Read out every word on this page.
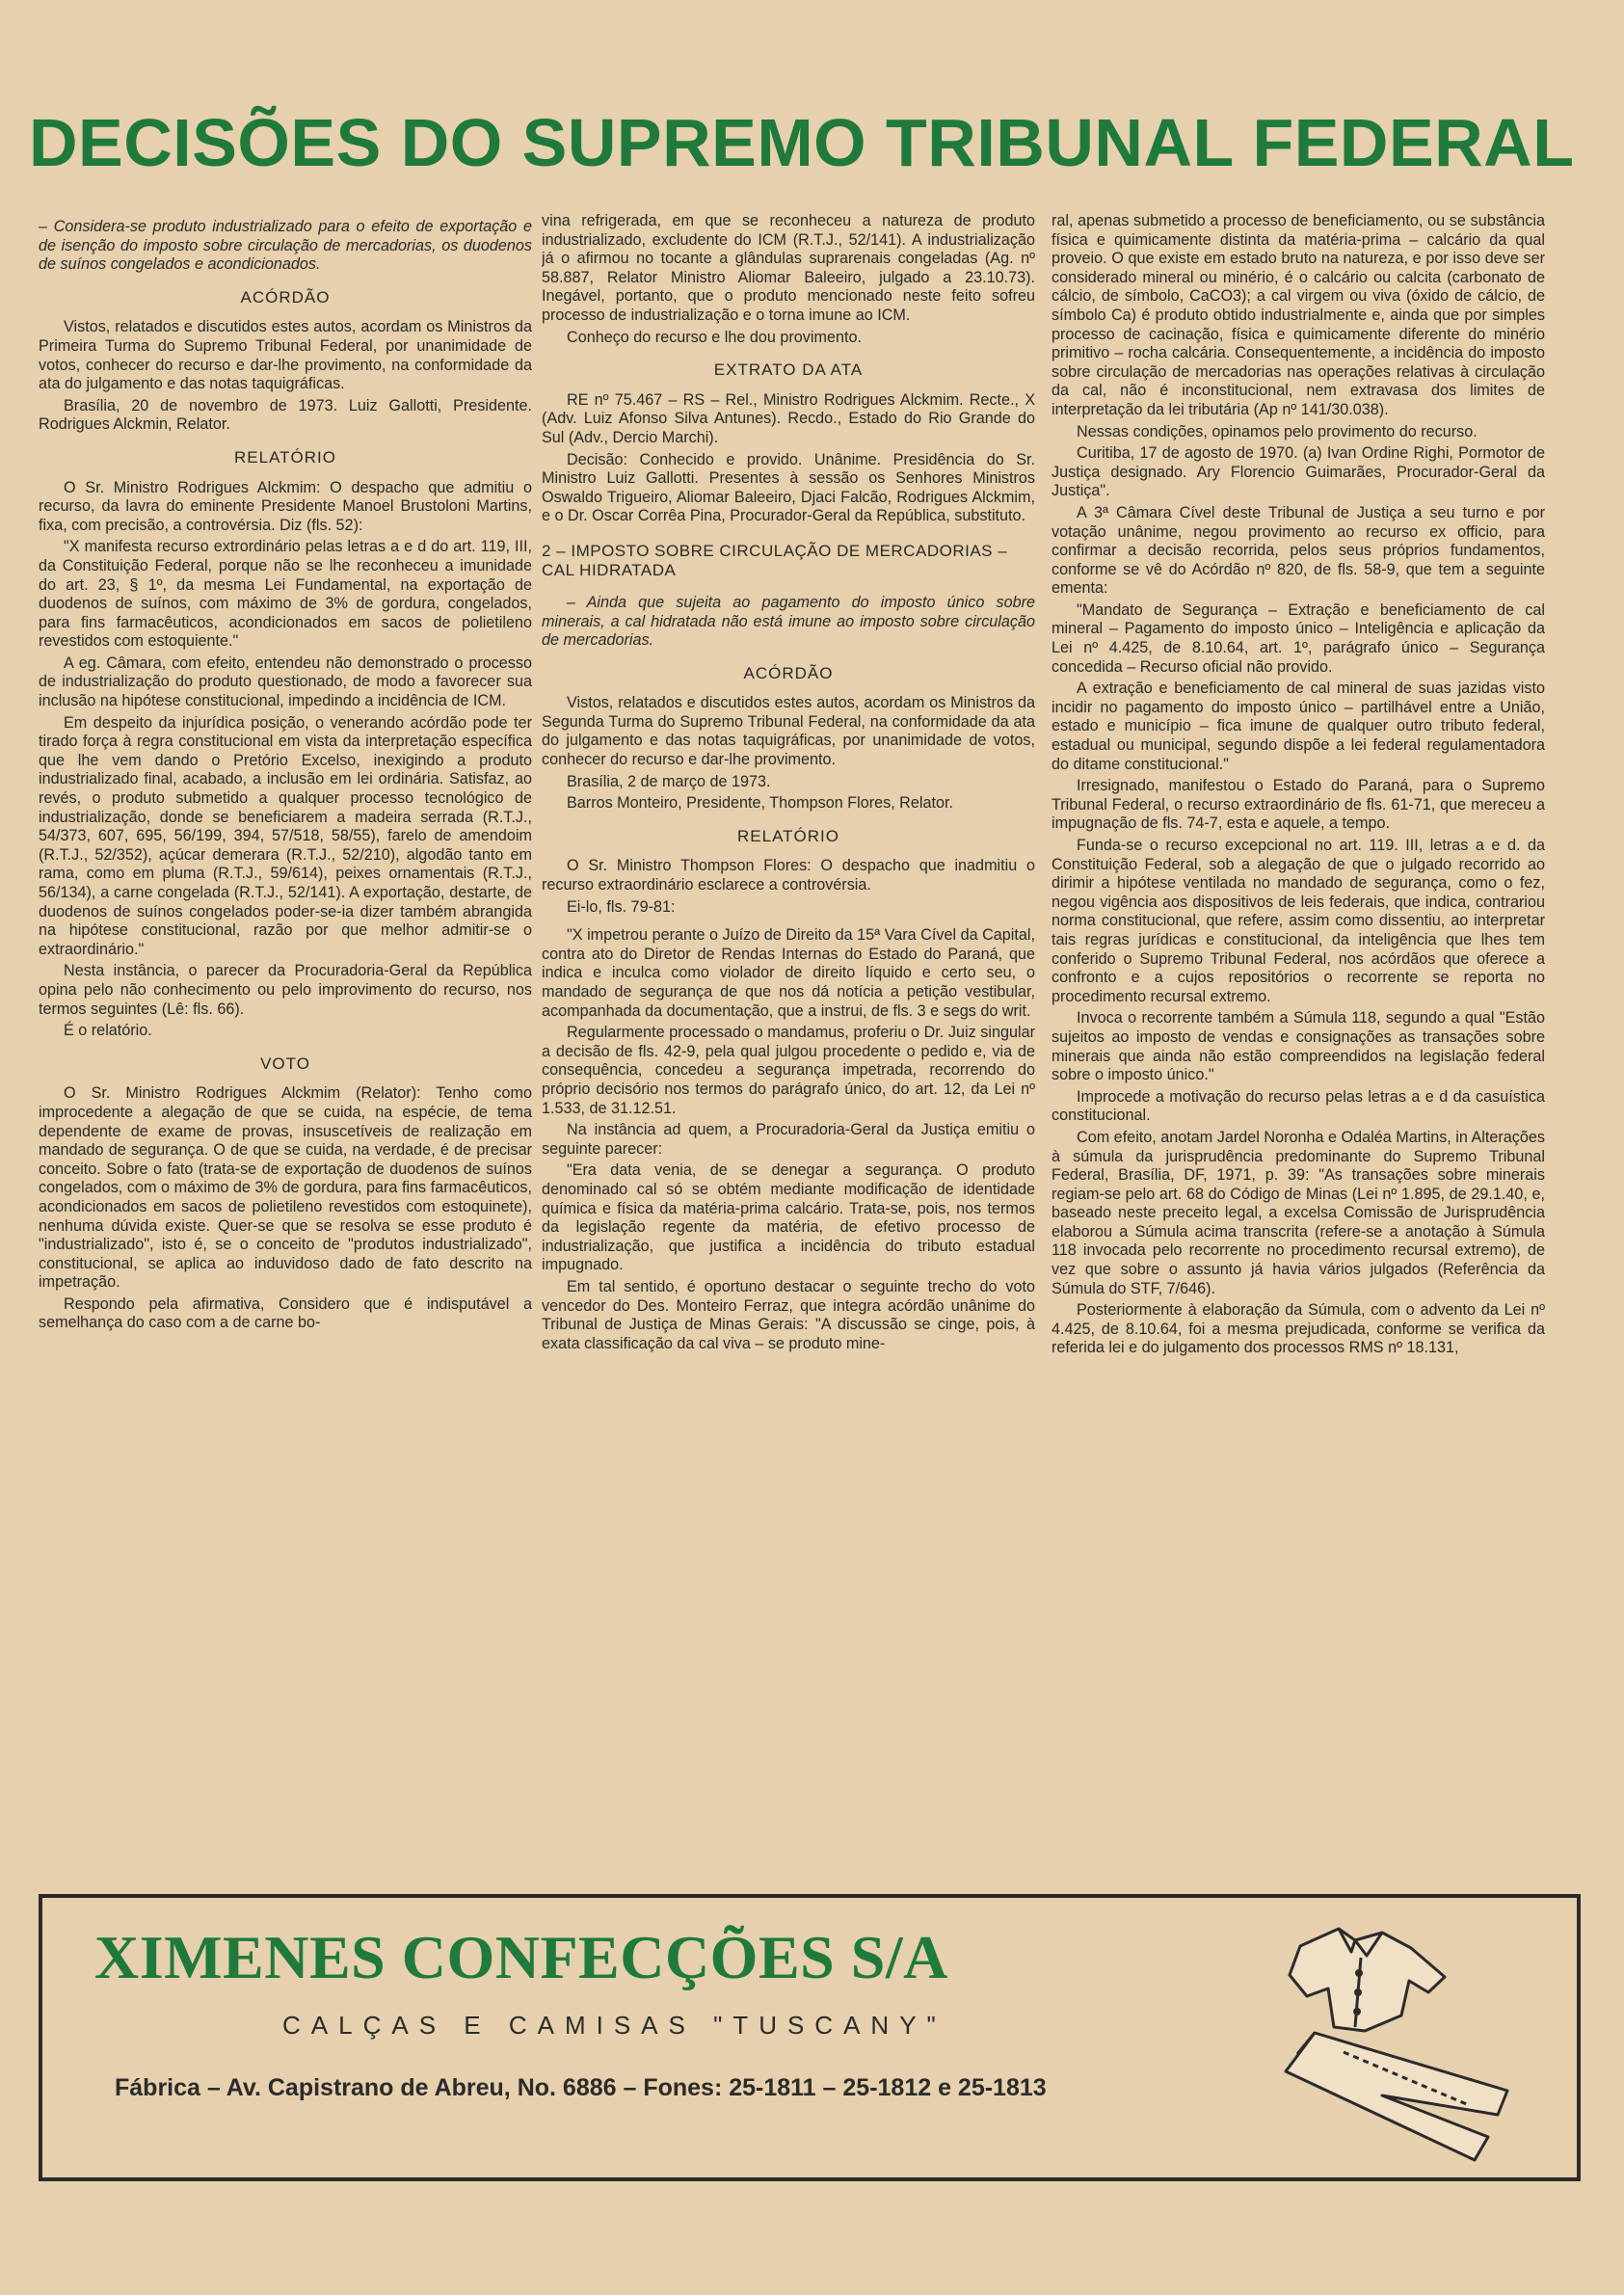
DECISÕES DO SUPREMO TRIBUNAL FEDERAL

– Considera-se produto industrializado para o efeito de exportação e de isenção do imposto sobre circulação de mercadorias, os duodenos de suínos congelados e acondicionados.

ACÓRDÃO

Vistos, relatados e discutidos estes autos, acordam os Ministros da Primeira Turma do Supremo Tribunal Federal, por unanimidade de votos, conhecer do recurso e dar-lhe provimento, na conformidade da ata do julgamento e das notas taquigráficas.

Brasília, 20 de novembro de 1973. Luiz Gallotti, Presidente. Rodrigues Alckmin, Relator.

RELATÓRIO

O Sr. Ministro Rodrigues Alckmim: O despacho que admitiu o recurso, da lavra do eminente Presidente Manoel Brustoloni Martins, fixa, com precisão, a controvérsia. Diz (fls. 52):

"X manifesta recurso extrordinário pelas letras a e d do art. 119, III, da Constituição Federal, porque não se lhe reconheceu a imunidade do art. 23, § 1º, da mesma Lei Fundamental, na exportação de duodenos de suínos, com máximo de 3% de gordura, congelados, para fins farmacêuticos, acondicionados em sacos de polietileno revestidos com estoquiente."

A eg. Câmara, com efeito, entendeu não demonstrado o processo de industrialização do produto questionado, de modo a favorecer sua inclusão na hipótese constitucional, impedindo a incidência de ICM.

Em despeito da injurídica posição, o venerando acórdão pode ter tirado força à regra constitucional em vista da interpretação específica que lhe vem dando o Pretório Excelso, inexigindo a produto industrializado final, acabado, a inclusão em lei ordinária. Satisfaz, ao revés, o produto submetido a qualquer processo tecnológico de industrialização, donde se beneficiarem a madeira serrada (R.T.J., 54/373, 607, 695, 56/199, 394, 57/518, 58/55), farelo de amendoim (R.T.J., 52/352), açúcar demerara (R.T.J., 52/210), algodão tanto em rama, como em pluma (R.T.J., 59/614), peixes ornamentais (R.T.J., 56/134), a carne congelada (R.T.J., 52/141). A exportação, destarte, de duodenos de suínos congelados poder-se-ia dizer também abrangida na hipótese constitucional, razão por que melhor admitir-se o extraordinário."

Nesta instância, o parecer da Procuradoria-Geral da República opina pelo não conhecimento ou pelo improvimento do recurso, nos termos seguintes (Lê: fls. 66).

É o relatório.

VOTO

O Sr. Ministro Rodrigues Alckmim (Relator): Tenho como improcedente a alegação de que se cuida, na espécie, de tema dependente de exame de provas, insuscetíveis de realização em mandado de segurança. O de que se cuida, na verdade, é de precisar conceito. Sobre o fato (trata-se de exportação de duodenos de suínos congelados, com o máximo de 3% de gordura, para fins farmacêuticos, acondicionados em sacos de polietileno revestidos com estoquinete), nenhuma dúvida existe. Quer-se que se resolva se esse produto é "industrializado", isto é, se o conceito de "produtos industrializado", constitucional, se aplica ao induvidoso dado de fato descrito na impetração.

Respondo pela afirmativa, Considero que é indisputável a semelhança do caso com a de carne bo-

vina refrigerada, em que se reconheceu a natureza de produto industrializado, excludente do ICM (R.T.J., 52/141). A industrialização já o afirmou no tocante a glândulas suprarenais congeladas (Ag. nº 58.887, Relator Ministro Aliomar Baleeiro, julgado a 23.10.73). Inegável, portanto, que o produto mencionado neste feito sofreu processo de industrialização e o torna imune ao ICM.

Conheço do recurso e lhe dou provimento.

EXTRATO DA ATA

RE nº 75.467 – RS – Rel., Ministro Rodrigues Alckmim. Recte., X (Adv. Luiz Afonso Silva Antunes). Recdo., Estado do Rio Grande do Sul (Adv., Dercio Marchi).

Decisão: Conhecido e provido. Unânime. Presidência do Sr. Ministro Luiz Gallotti. Presentes à sessão os Senhores Ministros Oswaldo Trigueiro, Aliomar Baleeiro, Djaci Falcão, Rodrigues Alckmim, e o Dr. Oscar Corrêa Pina, Procurador-Geral da República, substituto.

2 – IMPOSTO SOBRE CIRCULAÇÃO DE MERCADORIAS – CAL HIDRATADA

– Ainda que sujeita ao pagamento do imposto único sobre minerais, a cal hidratada não está imune ao imposto sobre circulação de mercadorias.

ACÓRDÃO

Vistos, relatados e discutidos estes autos, acordam os Ministros da Segunda Turma do Supremo Tribunal Federal, na conformidade da ata do julgamento e das notas taquigráficas, por unanimidade de votos, conhecer do recurso e dar-lhe provimento.

Brasília, 2 de março de 1973.

Barros Monteiro, Presidente, Thompson Flores, Relator.

RELATÓRIO

O Sr. Ministro Thompson Flores: O despacho que inadmitiu o recurso extraordinário esclarece a controvérsia.

Ei-lo, fls. 79-81:

"X impetrou perante o Juízo de Direito da 15ª Vara Cível da Capital, contra ato do Diretor de Rendas Internas do Estado do Paraná, que indica e inculca como violador de direito líquido e certo seu, o mandado de segurança de que nos dá notícia a petição vestibular, acompanhada da documentação, que a instrui, de fls. 3 e segs do writ.

Regularmente processado o mandamus, proferiu o Dr. Juiz singular a decisão de fls. 42-9, pela qual julgou procedente o pedido e, via de consequência, concedeu a segurança impetrada, recorrendo do próprio decisório nos termos do parágrafo único, do art. 12, da Lei nº 1.533, de 31.12.51.

Na instância ad quem, a Procuradoria-Geral da Justiça emitiu o seguinte parecer:

"Era data venia, de se denegar a segurança. O produto denominado cal só se obtém mediante modificação de identidade química e física da matéria-prima calcário. Trata-se, pois, nos termos da legislação regente da matéria, de efetivo processo de industrialização, que justifica a incidência do tributo estadual impugnado.

Em tal sentido, é oportuno destacar o seguinte trecho do voto vencedor do Des. Monteiro Ferraz, que integra acórdão unânime do Tribunal de Justiça de Minas Gerais: "A discussão se cinge, pois, à exata classificação da cal viva – se produto mine-

ral, apenas submetido a processo de beneficiamento, ou se substância física e quimicamente distinta da matéria-prima – calcário da qual proveio. O que existe em estado bruto na natureza, e por isso deve ser considerado mineral ou minério, é o calcário ou calcita (carbonato de cálcio, de símbolo, CaCO3); a cal virgem ou viva (óxido de cálcio, de símbolo Ca) é produto obtido industrialmente e, ainda que por simples processo de cacinação, física e quimicamente diferente do minério primitivo – rocha calcária. Consequentemente, a incidência do imposto sobre circulação de mercadorias nas operações relativas à circulação da cal, não é inconstitucional, nem extravasa dos limites de interpretação da lei tributária (Ap nº 141/30.038).

Nessas condições, opinamos pelo provimento do recurso.

Curitiba, 17 de agosto de 1970. (a) Ivan Ordine Righi, Pormotor de Justiça designado. Ary Florencio Guimarães, Procurador-Geral da Justiça".

A 3ª Câmara Cível deste Tribunal de Justiça a seu turno e por votação unânime, negou provimento ao recurso ex officio, para confirmar a decisão recorrida, pelos seus próprios fundamentos, conforme se vê do Acórdão nº 820, de fls. 58-9, que tem a seguinte ementa:

"Mandato de Segurança – Extração e beneficiamento de cal mineral – Pagamento do imposto único – Inteligência e aplicação da Lei nº 4.425, de 8.10.64, art. 1º, parágrafo único – Segurança concedida – Recurso oficial não provido.

A extração e beneficiamento de cal mineral de suas jazidas visto incidir no pagamento do imposto único – partilhável entre a União, estado e município – fica imune de qualquer outro tributo federal, estadual ou municipal, segundo dispõe a lei federal regulamentadora do ditame constitucional."

Irresignado, manifestou o Estado do Paraná, para o Supremo Tribunal Federal, o recurso extraordinário de fls. 61-71, que mereceu a impugnação de fls. 74-7, esta e aquele, a tempo.

Funda-se o recurso excepcional no art. 119. III, letras a e d. da Constituição Federal, sob a alegação de que o julgado recorrido ao dirimir a hipótese ventilada no mandado de segurança, como o fez, negou vigência aos dispositivos de leis federais, que indica, contrariou norma constitucional, que refere, assim como dissentiu, ao interpretar tais regras jurídicas e constitucional, da inteligência que lhes tem conferido o Supremo Tribunal Federal, nos acórdãos que oferece a confronto e a cujos repositórios o recorrente se reporta no procedimento recursal extremo.

Invoca o recorrente também a Súmula 118, segundo a qual "Estão sujeitos ao imposto de vendas e consignações as transações sobre minerais que ainda não estão compreendidos na legislação federal sobre o imposto único."

Improcede a motivação do recurso pelas letras a e d da casuística constitucional.

Com efeito, anotam Jardel Noronha e Odaléa Martins, in Alterações à súmula da jurisprudência predominante do Supremo Tribunal Federal, Brasília, DF, 1971, p. 39: "As transações sobre minerais regiam-se pelo art. 68 do Código de Minas (Lei nº 1.895, de 29.1.40, e, baseado neste preceito legal, a excelsa Comissão de Jurisprudência elaborou a Súmula acima transcrita (refere-se a anotação à Súmula 118 invocada pelo recorrente no procedimento recursal extremo), de vez que sobre o assunto já havia vários julgados (Referência da Súmula do STF, 7/646).

Posteriormente à elaboração da Súmula, com o advento da Lei nº 4.425, de 8.10.64, foi a mesma prejudicada, conforme se verifica da referida lei e do julgamento dos processos RMS nº 18.131,

XIMENES CONFECÇÕES S/A
CALÇAS E CAMISAS "TUSCANY"
Fábrica – Av. Capistrano de Abreu, No. 6886 – Fones: 25-1811 – 25-1812 e 25-1813
